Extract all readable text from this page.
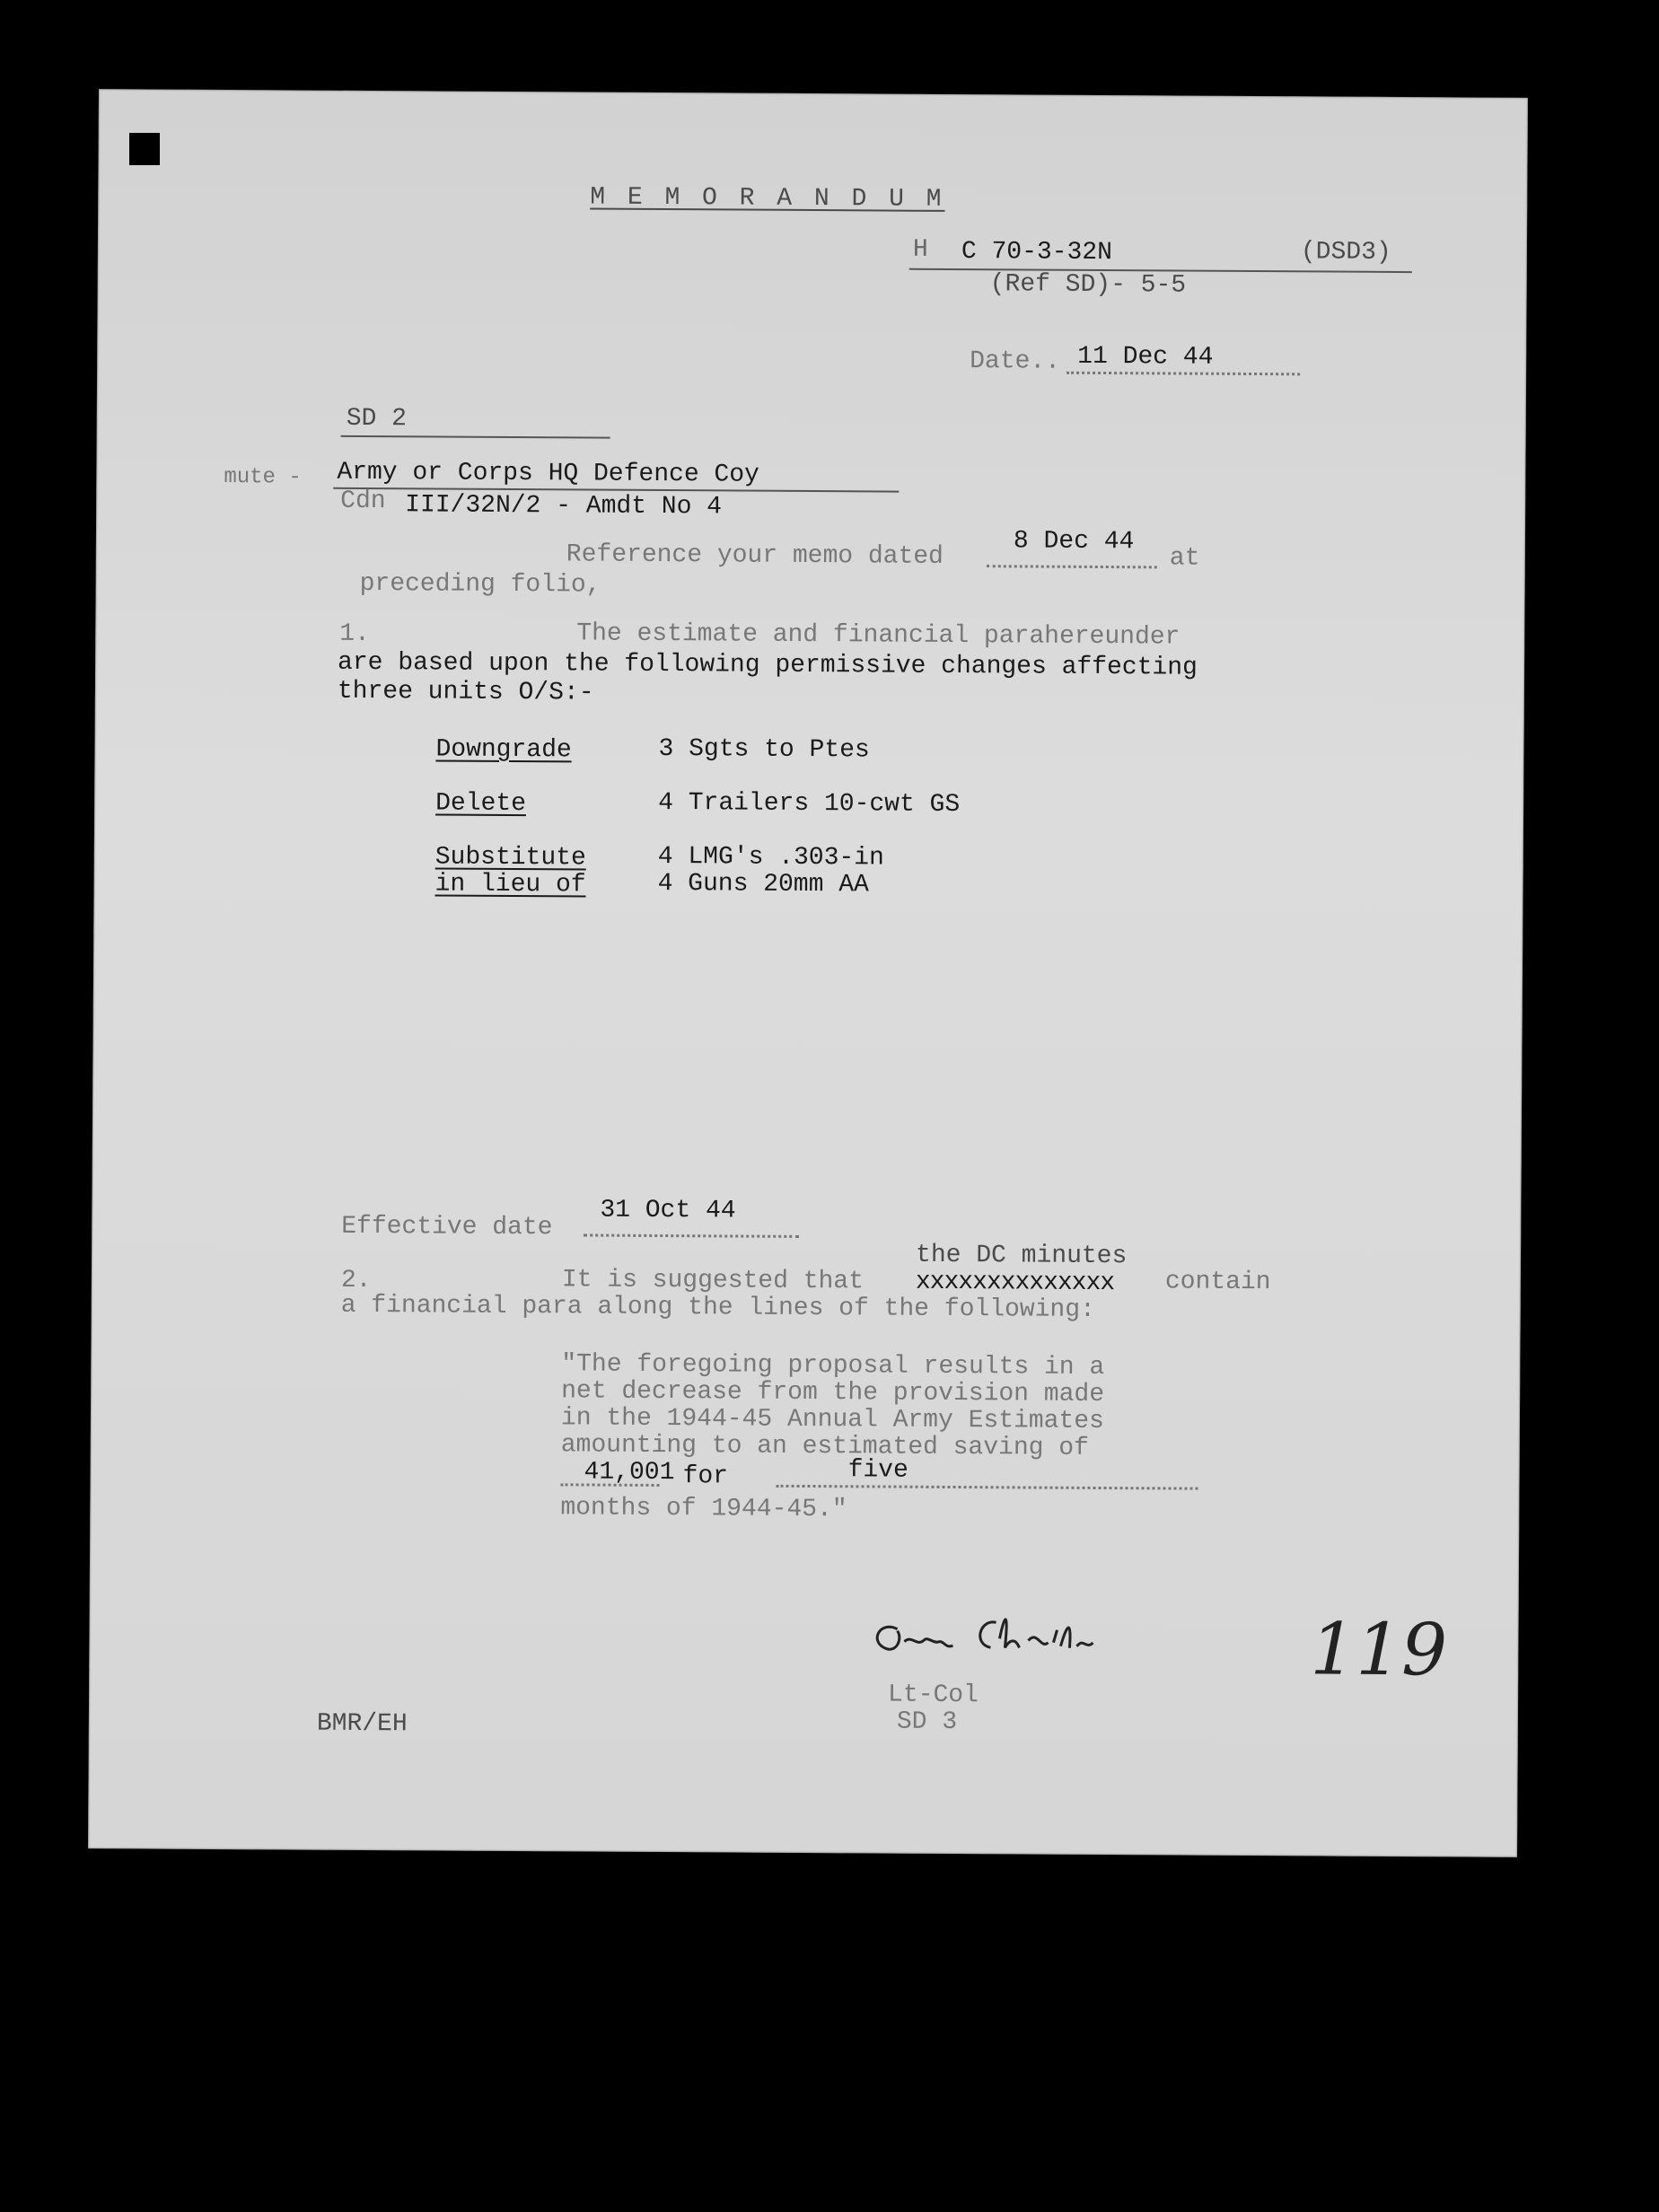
M E M O R A N D U M
H C 70-3-32N	(DSD3)
(Ref SD)- 5-5
Date.. 11 Dec 44
SD 2
mute - Army or Corps HQ Defence Coy
Cdn III/32N/2 - Amdt No 4
Reference your memo dated	8 Dec 44
at
preceding folio,
1.	The estimate and financial parahereunder
are based upon the following permissive changes affecting
three units O/S:-
Downgrade	3 Sgts to Ptes
Delete	4 Trailers 10-cwt GS
Substitute	4 LMG's .303-in
in lieu of	4 Guns 20mm AA
Effective date
31 Oct 44
the DC minutes
2.	It is suggested that xxxxxxxxxxxxxx contain
a financial para along the lines of the following:
"The foregoing proposal results in a
net decrease from the provision made
in the 1944-45 Annual Army Estimates
amounting to an estimated saving of
41,001 for	five
months of 1944-45."
Lt-Col
SD 3
119
BMR/EH
